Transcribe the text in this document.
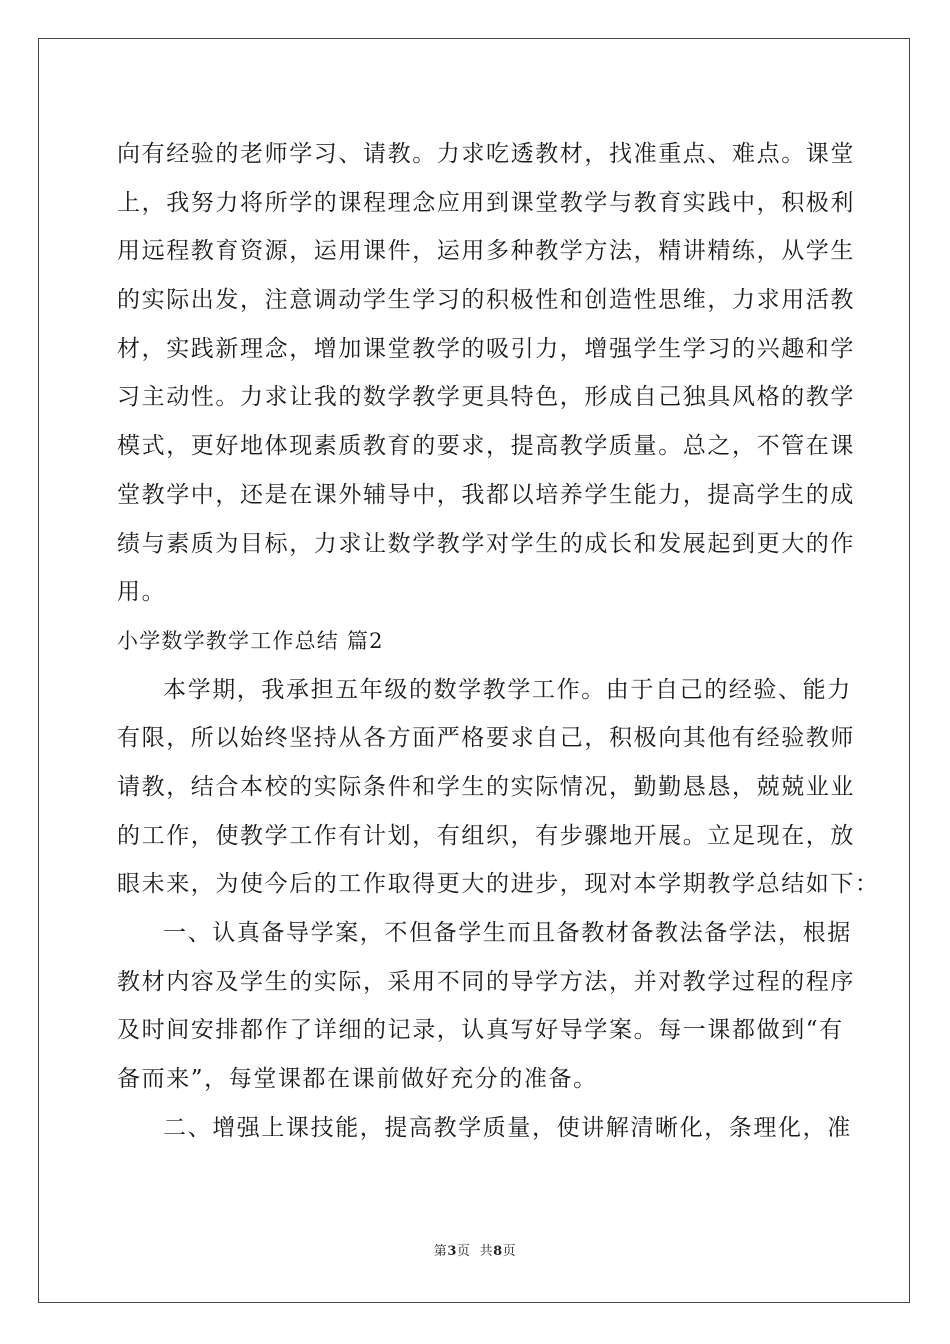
向有经验的老师学习、请教。力求吃透教材，找准重点、难点。课堂
上，我努力将所学的课程理念应用到课堂教学与教育实践中，积极利
用远程教育资源，运用课件，运用多种教学方法，精讲精练，从学生
的实际出发，注意调动学生学习的积极性和创造性思维，力求用活教
材，实践新理念，增加课堂教学的吸引力，增强学生学习的兴趣和学
习主动性。力求让我的数学教学更具特色，形成自己独具风格的教学
模式，更好地体现素质教育的要求，提高教学质量。总之，不管在课
堂教学中，还是在课外辅导中，我都以培养学生能力，提高学生的成
绩与素质为目标，力求让数学教学对学生的成长和发展起到更大的作
用。
小学数学教学工作总结 篇2
本学期，我承担五年级的数学教学工作。由于自己的经验、能力
有限，所以始终坚持从各方面严格要求自己，积极向其他有经验教师
请教，结合本校的实际条件和学生的实际情况，勤勤恳恳，兢兢业业
的工作，使教学工作有计划，有组织，有步骤地开展。立足现在，放
眼未来，为使今后的工作取得更大的进步，现对本学期教学总结如下：
一、认真备导学案，不但备学生而且备教材备教法备学法，根据
教材内容及学生的实际，采用不同的导学方法，并对教学过程的程序
及时间安排都作了详细的记录，认真写好导学案。每一课都做到“有
备而来”，每堂课都在课前做好充分的准备。
二、增强上课技能，提高教学质量，使讲解清晰化，条理化，准
第3页  共8页
